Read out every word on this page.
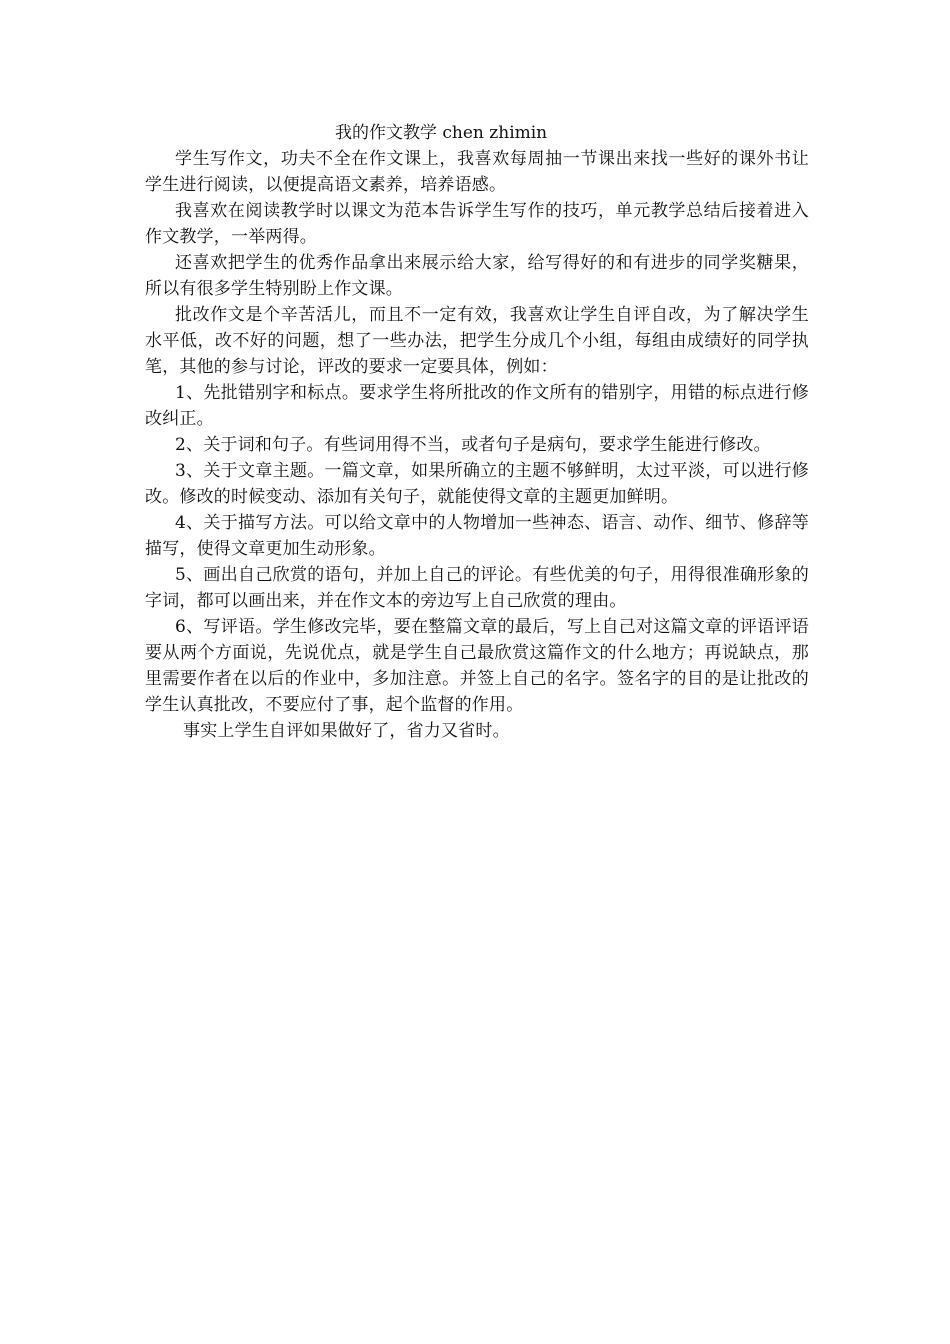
我的作文教学 chen zhimin

学生写作文，功夫不全在作文课上，我喜欢每周抽一节课出来找一些好的课外书让学生进行阅读，以便提高语文素养，培养语感。

我喜欢在阅读教学时以课文为范本告诉学生写作的技巧，单元教学总结后接着进入作文教学，一举两得。

还喜欢把学生的优秀作品拿出来展示给大家，给写得好的和有进步的同学奖糖果，所以有很多学生特别盼上作文课。

批改作文是个辛苦活儿，而且不一定有效，我喜欢让学生自评自改，为了解决学生水平低，改不好的问题，想了一些办法，把学生分成几个小组，每组由成绩好的同学执笔，其他的参与讨论，评改的要求一定要具体，例如：

1、先批错别字和标点。要求学生将所批改的作文所有的错别字，用错的标点进行修改纠正。

2、关于词和句子。有些词用得不当，或者句子是病句，要求学生能进行修改。

3、关于文章主题。一篇文章，如果所确立的主题不够鲜明，太过平淡，可以进行修改。修改的时候变动、添加有关句子，就能使得文章的主题更加鲜明。

4、关于描写方法。可以给文章中的人物增加一些神态、语言、动作、细节、修辞等描写，使得文章更加生动形象。

5、画出自己欣赏的语句，并加上自己的评论。有些优美的句子，用得很准确形象的字词，都可以画出来，并在作文本的旁边写上自己欣赏的理由。

6、写评语。学生修改完毕，要在整篇文章的最后，写上自己对这篇文章的评语评语要从两个方面说，先说优点，就是学生自己最欣赏这篇作文的什么地方；再说缺点，那里需要作者在以后的作业中，多加注意。并签上自己的名字。签名字的目的是让批改的学生认真批改，不要应付了事，起个监督的作用。

事实上学生自评如果做好了，省力又省时。
